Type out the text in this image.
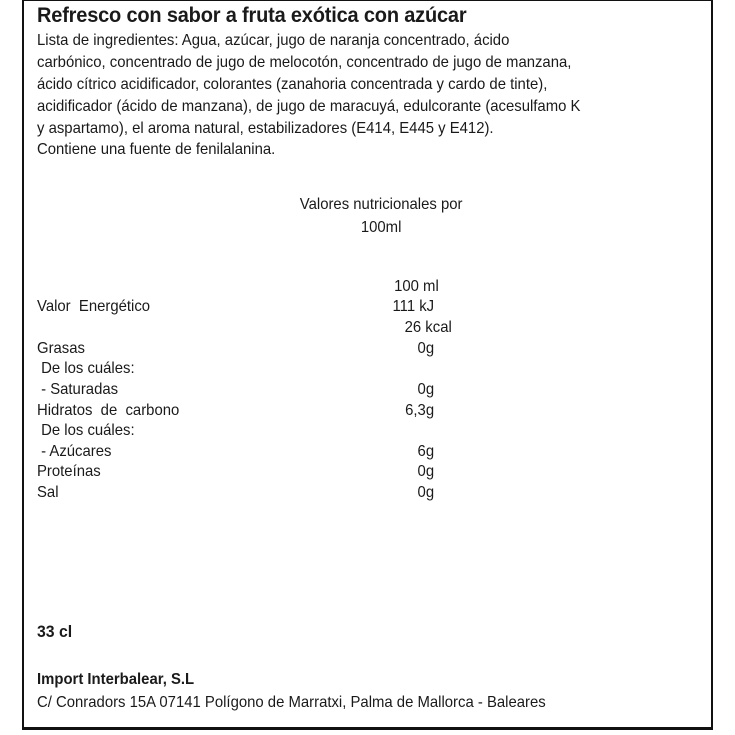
Refresco con sabor a fruta exótica con azúcar
Lista de ingredientes: Agua, azúcar, jugo de naranja concentrado, ácido
carbónico, concentrado de jugo de melocotón, concentrado de jugo de manzana,
ácido cítrico acidificador, colorantes (zanahoria concentrada y cardo de tinte),
acidificador (ácido de manzana), de jugo de maracuyá, edulcorante (acesulfamo K
y aspartamo), el aroma natural, estabilizadores (E414, E445 y E412).
Contiene una fuente de fenilalanina.
Valores nutricionales por
100ml
100 ml
Valor  Energético	111 kJ
26 kcal
Grasas	0g
De los cuáles:
- Saturadas	0g
Hidratos  de  carbono	6,3g
De los cuáles:
- Azúcares	6g
Proteínas	0g
Sal	0g
33 cl
Import Interbalear, S.L
C/ Conradors 15A 07141 Polígono de Marratxi, Palma de Mallorca - Baleares
